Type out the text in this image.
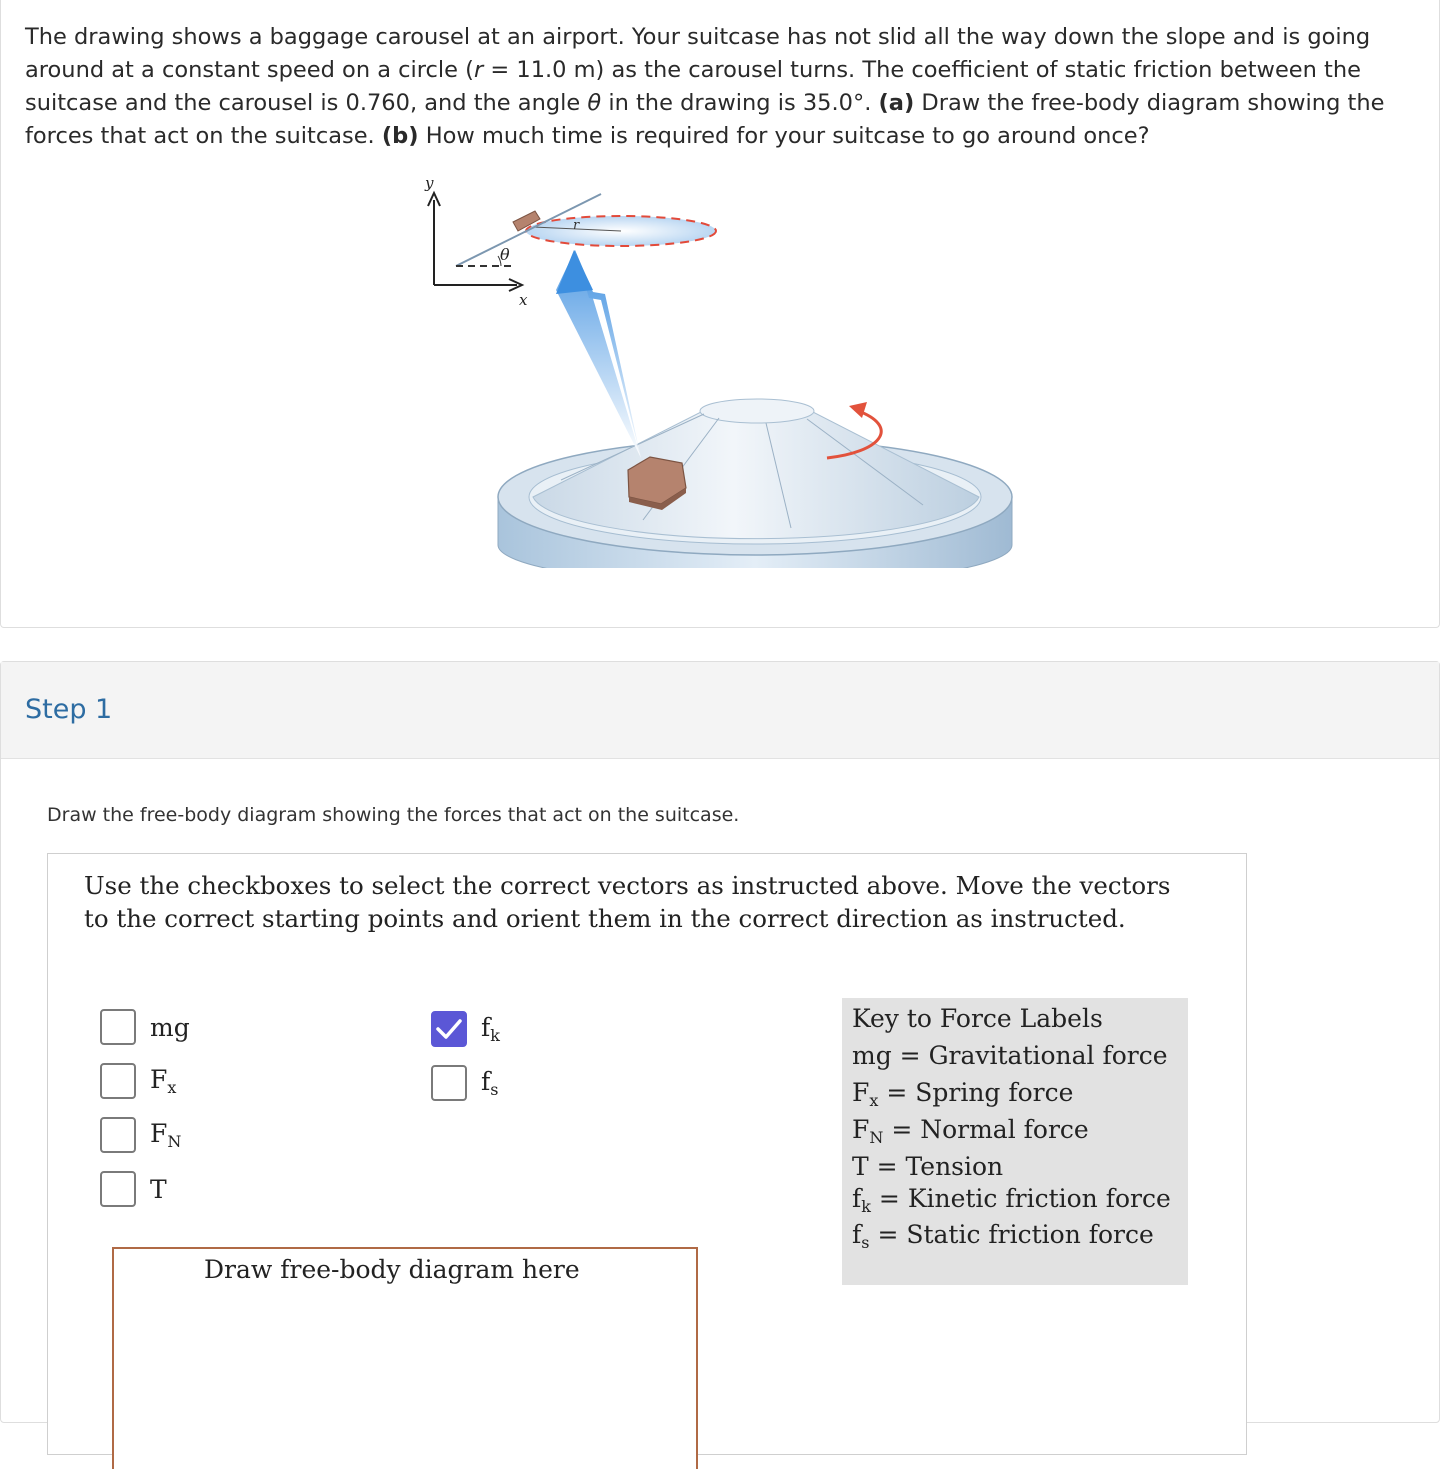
The drawing shows a baggage carousel at an airport. Your suitcase has not slid all the way down the slope and is going around at a constant speed on a circle (r = 11.0 m) as the carousel turns. The coefficient of static friction between the suitcase and the carousel is 0.760, and the angle θ in the drawing is 35.0°. (a) Draw the free-body diagram showing the forces that act on the suitcase. (b) How much time is required for your suitcase to go around once?
r
θ
y
x
Step 1
Draw the free-body diagram showing the forces that act on the suitcase.
Use the checkboxes to select the correct vectors as instructed above. Move the vectors to the correct starting points and orient them in the correct direction as instructed.
mg
$F_x$
$F_N$
T
$f_k$
$f_s$
Key to Force Labels
mg = Gravitational force
$F_x$ = Spring force
$F_N$ = Normal force
T = Tension
$f_k$ = Kinetic friction force
$f_s$ = Static friction force
Draw free-body diagram here
